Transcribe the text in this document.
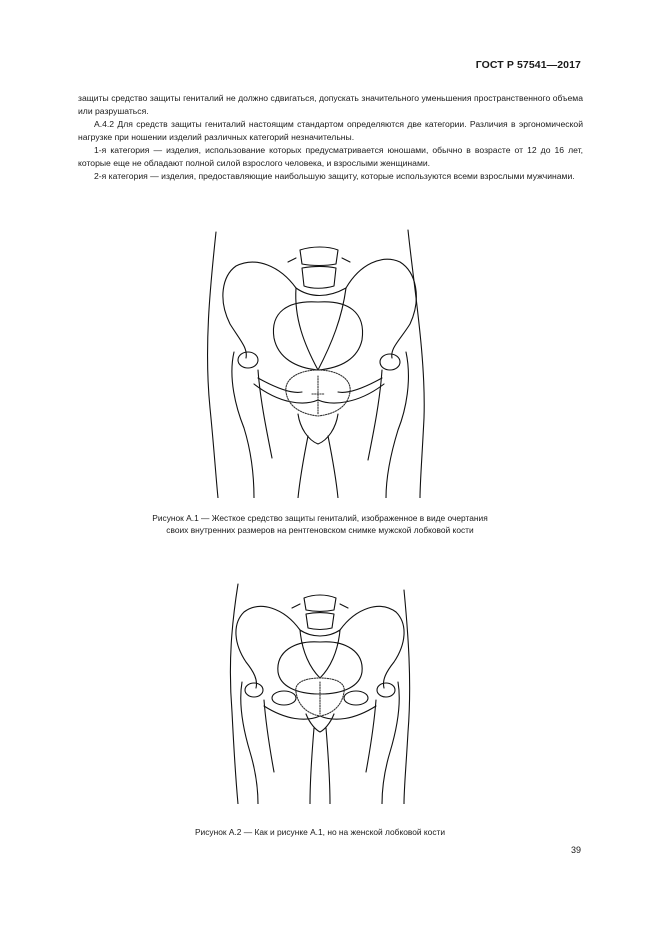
ГОСТ Р 57541—2017

защиты средство защиты гениталий не должно сдвигаться, допускать значительного уменьшения пространственного объема или разрушаться.

А.4.2 Для средств защиты гениталий настоящим стандартом определяются две категории. Различия в эргономической нагрузке при ношении изделий различных категорий незначительны.

1-я категория — изделия, использование которых предусматривается юношами, обычно в возрасте от 12 до 16 лет, которые еще не обладают полной силой взрослого человека, и взрослыми женщинами.

2-я категория — изделия, предоставляющие наибольшую защиту, которые используются всеми взрослыми мужчинами.

Рисунок А.1 — Жесткое средство защиты гениталий, изображенное в виде очертания
своих внутренних размеров на рентгеновском снимке мужской лобковой кости
Рисунок А.2 — Как и рисунке А.1, но на женской лобковой кости
39
